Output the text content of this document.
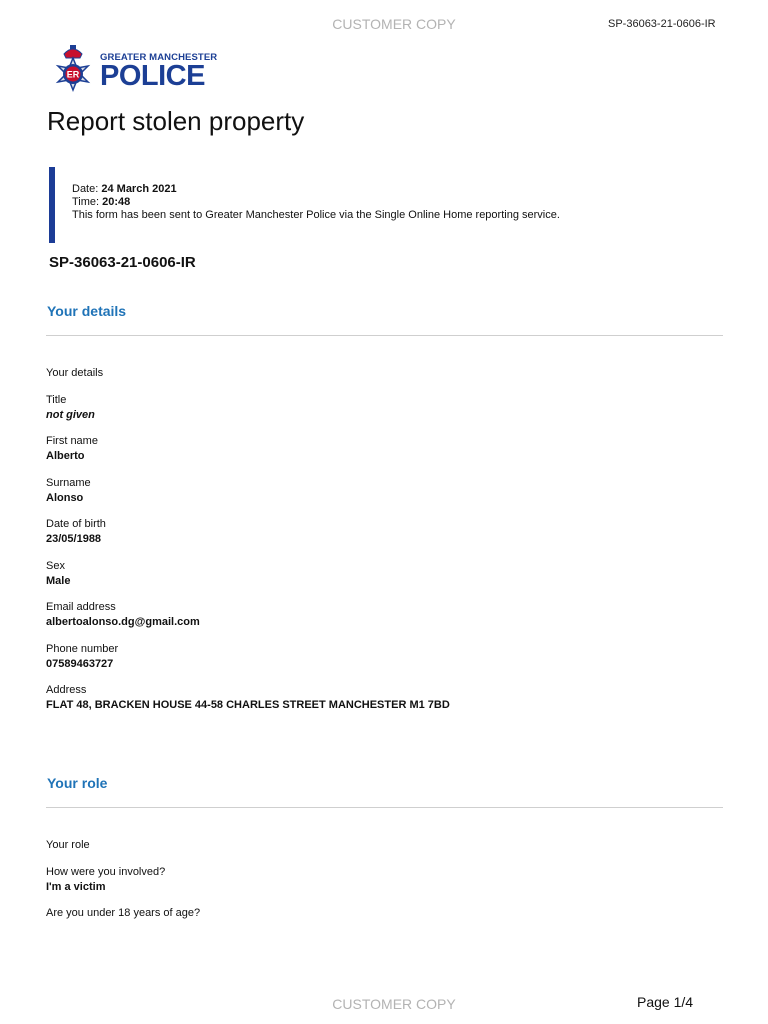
CUSTOMER COPY	SP-36063-21-0606-IR
ER
GREATER MANCHESTER
POLICE
Report stolen property
Date: 24 March 2021
Time: 20:48
This form has been sent to Greater Manchester Police via the Single Online Home reporting service.
SP-36063-21-0606-IR
Your details
Your details
Title
not given
First name
Alberto
Surname
Alonso
Date of birth
23/05/1988
Sex
Male
Email address
albertoalonso.dg@gmail.com
Phone number
07589463727
Address
FLAT 48, BRACKEN HOUSE 44-58 CHARLES STREET MANCHESTER M1 7BD
Your role
Your role
How were you involved?
I'm a victim
Are you under 18 years of age?
CUSTOMER COPY	Page 1/4
